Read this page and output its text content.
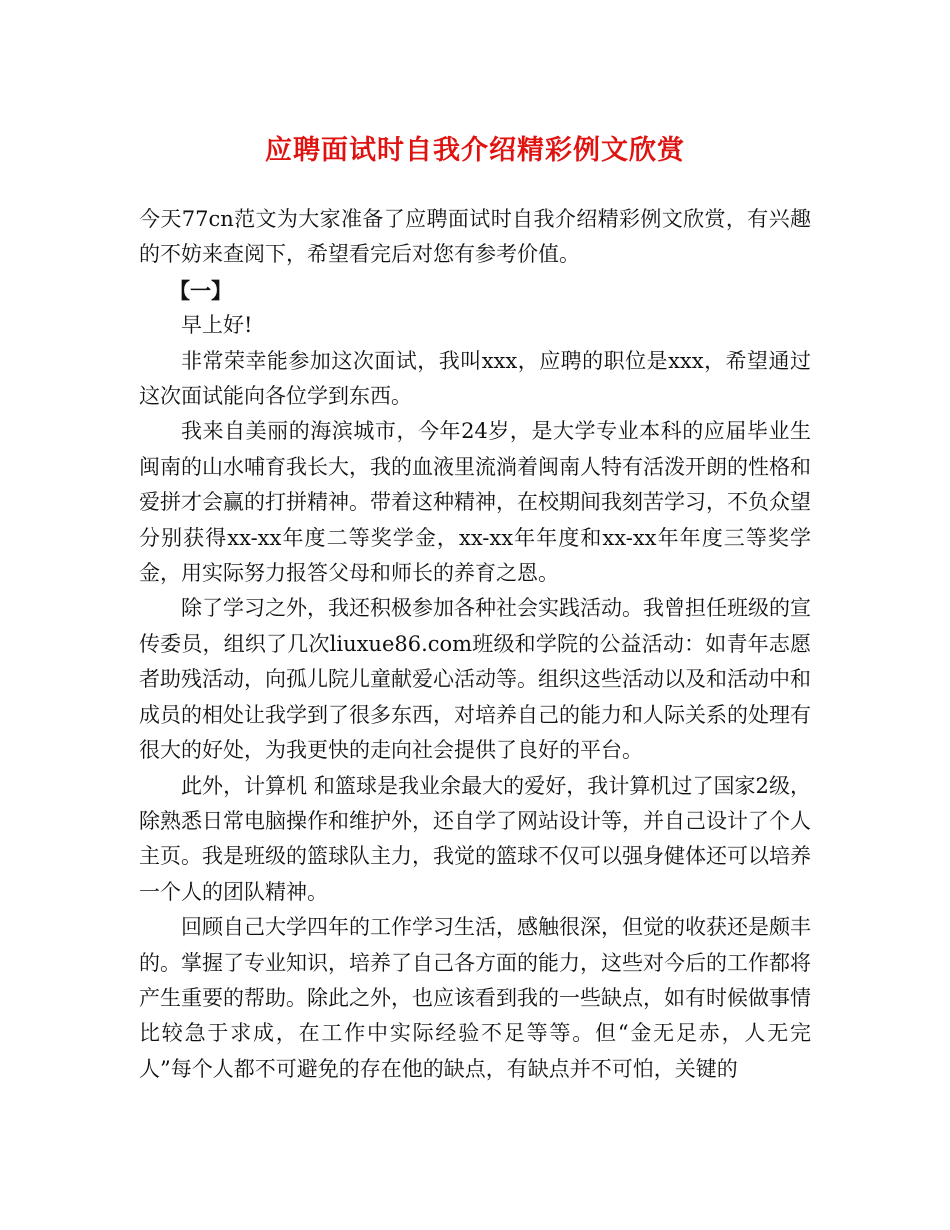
应聘面试时自我介绍精彩例文欣赏

今天77cn范文为大家准备了应聘面试时自我介绍精彩例文欣赏，有兴趣的不妨来查阅下，希望看完后对您有参考价值。

【一】

早上好!

非常荣幸能参加这次面试，我叫xxx，应聘的职位是xxx，希望通过这次面试能向各位学到东西。

我来自美丽的海滨城市，今年24岁，是大学专业本科的应届毕业生闽南的山水哺育我长大，我的血液里流淌着闽南人特有活泼开朗的性格和爱拼才会赢的打拼精神。带着这种精神，在校期间我刻苦学习，不负众望分别获得xx-xx年度二等奖学金，xx-xx年年度和xx-xx年年度三等奖学金，用实际努力报答父母和师长的养育之恩。

除了学习之外，我还积极参加各种社会实践活动。我曾担任班级的宣传委员，组织了几次liuxue86.com班级和学院的公益活动：如青年志愿者助残活动，向孤儿院儿童献爱心活动等。组织这些活动以及和活动中和成员的相处让我学到了很多东西，对培养自己的能力和人际关系的处理有很大的好处，为我更快的走向社会提供了良好的平台。

此外，计算机 和篮球是我业余最大的爱好，我计算机过了国家2级，除熟悉日常电脑操作和维护外，还自学了网站设计等，并自己设计了个人主页。我是班级的篮球队主力，我觉的篮球不仅可以强身健体还可以培养一个人的团队精神。

回顾自己大学四年的工作学习生活，感触很深，但觉的收获还是颇丰的。掌握了专业知识，培养了自己各方面的能力，这些对今后的工作都将产生重要的帮助。除此之外，也应该看到我的一些缺点，如有时候做事情比较急于求成，在工作中实际经验不足等等。但“金无足赤，人无完人”每个人都不可避免的存在他的缺点，有缺点并不可怕，关键的
